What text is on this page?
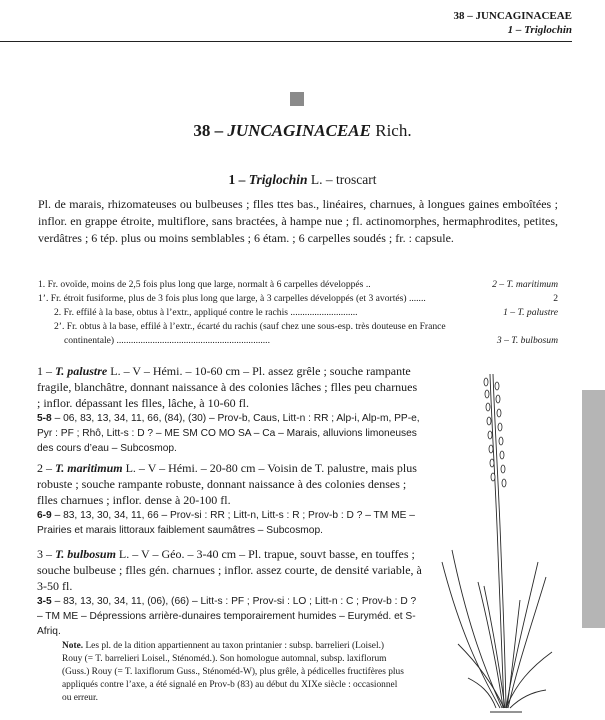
38 – JUNCAGINACEAE
1 – Triglochin
38 – JUNCAGINACEAE Rich.
1 – Triglochin L. – troscart
Pl. de marais, rhizomateuses ou bulbeuses ; flles ttes bas., linéaires, charnues, à longues gaines emboîtées ; inflor. en grappe étroite, multiflore, sans bractées, à hampe nue ; fl. actinomorphes, hermaphrodites, petites, verdâtres ; 6 tép. plus ou moins semblables ; 6 étam. ; 6 carpelles soudés ; fr. : capsule.
1. Fr. ovoïde, moins de 2,5 fois plus long que large, normalt à 6 carpelles développés ..	2 – T. maritimum
1’. Fr. étroit fusiforme, plus de 3 fois plus long que large, à 3 carpelles développés (et 3 avortés) .......	2
2. Fr. effilé à la base, obtus à l’extr., appliqué contre le rachis ............................	1 – T. palustre
2’. Fr. obtus à la base, effilé à l’extr., écarté du rachis (sauf chez une sous-esp. très douteuse en France
continentale) ................................................................	3 – T. bulbosum
1 – T. palustre L. – V – Hémi. – 10-60 cm – Pl. assez grêle ; souche rampante fragile, blanchâtre, donnant naissance à des colonies lâches ; flles peu charnues ; inflor. dépassant les flles, lâche, à 10-60 fl.
5-8 – 06, 83, 13, 34, 11, 66, (84), (30) – Prov-b, Caus, Litt-n : RR ; Alp-i, Alp-m, PP-e, Pyr : PF ; Rhô, Litt-s : D ? – ME SM CO MO SA – Ca – Marais, alluvions limoneuses des cours d’eau – Subcosmop.
2 – T. maritimum L. – V – Hémi. – 20-80 cm – Voisin de T. palustre, mais plus robuste ; souche rampante robuste, donnant naissance à des colonies denses ; flles charnues ; inflor. dense à 20-100 fl.
6-9 – 83, 13, 30, 34, 11, 66 – Prov-si : RR ; Litt-n, Litt-s : R ; Prov-b : D ? – TM ME – Prairies et marais littoraux faiblement saumâtres – Subcosmop.
3 – T. bulbosum L. – V – Géo. – 3-40 cm – Pl. trapue, souvt basse, en touffes ; souche bulbeuse ; flles gén. charnues ; inflor. assez courte, de densité variable, à 3-50 fl.
3-5 – 83, 13, 30, 34, 11, (06), (66) – Litt-s : PF ; Prov-si : LO ; Litt-n : C ; Prov-b : D ? – TM ME – Dépressions arrière-dunaires temporairement humides – Euryméd. et S-Afriq.
Note. Les pl. de la dition appartiennent au taxon printanier : subsp. barrelieri (Loisel.) Rouy (= T. barrelieri Loisel., Sténoméd.). Son homologue automnal, subsp. laxiflorum (Guss.) Rouy (= T. laxiflorum Guss., Sténoméd-W), plus grêle, à pédicelles fructifères plus appliqués contre l’axe, a été signalé en Prov-b (83) au début du XIXe siècle : occasionnel ou erreur.
